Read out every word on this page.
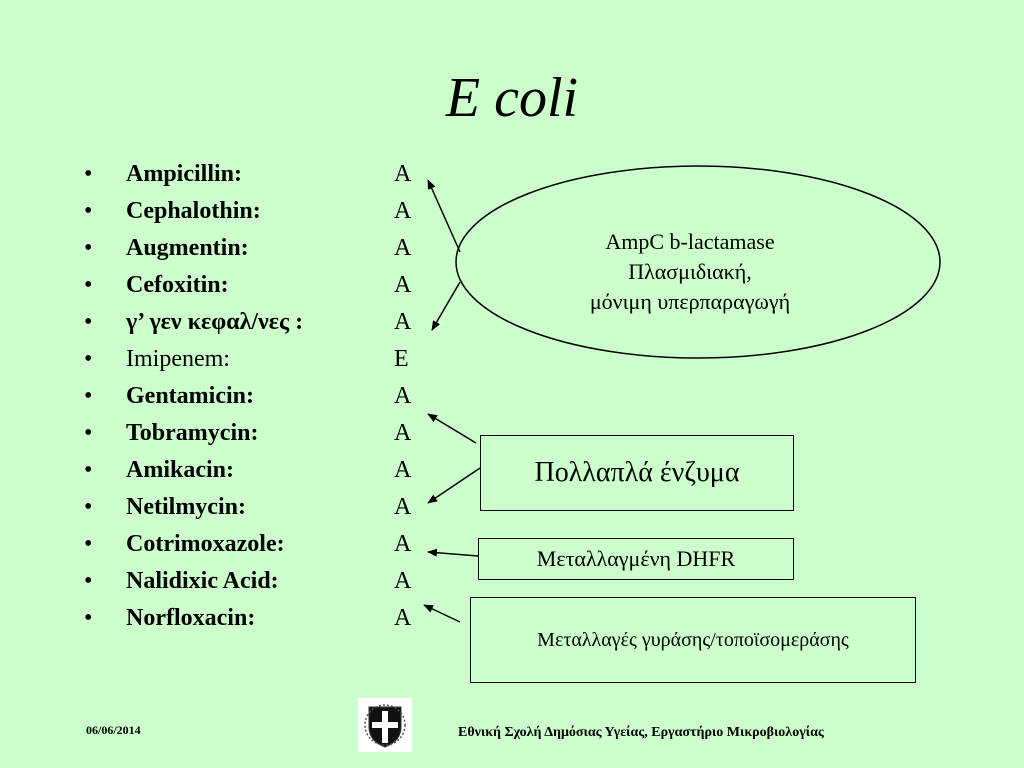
E coli
• Ampicillin:	A
• Cephalothin:	A
• Augmentin:	A
• Cefoxitin:	A
• γ’ γεν κεφαλ/νες :	A
• Imipenem:	E
• Gentamicin:	A
• Tobramycin:	A
• Amikacin:	A
• Netilmycin:	A
• Cotrimoxazole:	A
• Nalidixic Acid:	A
• Norfloxacin:	A
AmpC b-lactamase
Πλασμιδιακή,
μόνιμη υπερπαραγωγή
Πολλαπλά ένζυμα
Μεταλλαγμένη DHFR
Μεταλλαγές γυράσης/τοποϊσομεράσης
06/06/2014	Εθνική Σχολή Δημόσιας Υγείας, Εργαστήριο Μικροβιολογίας
